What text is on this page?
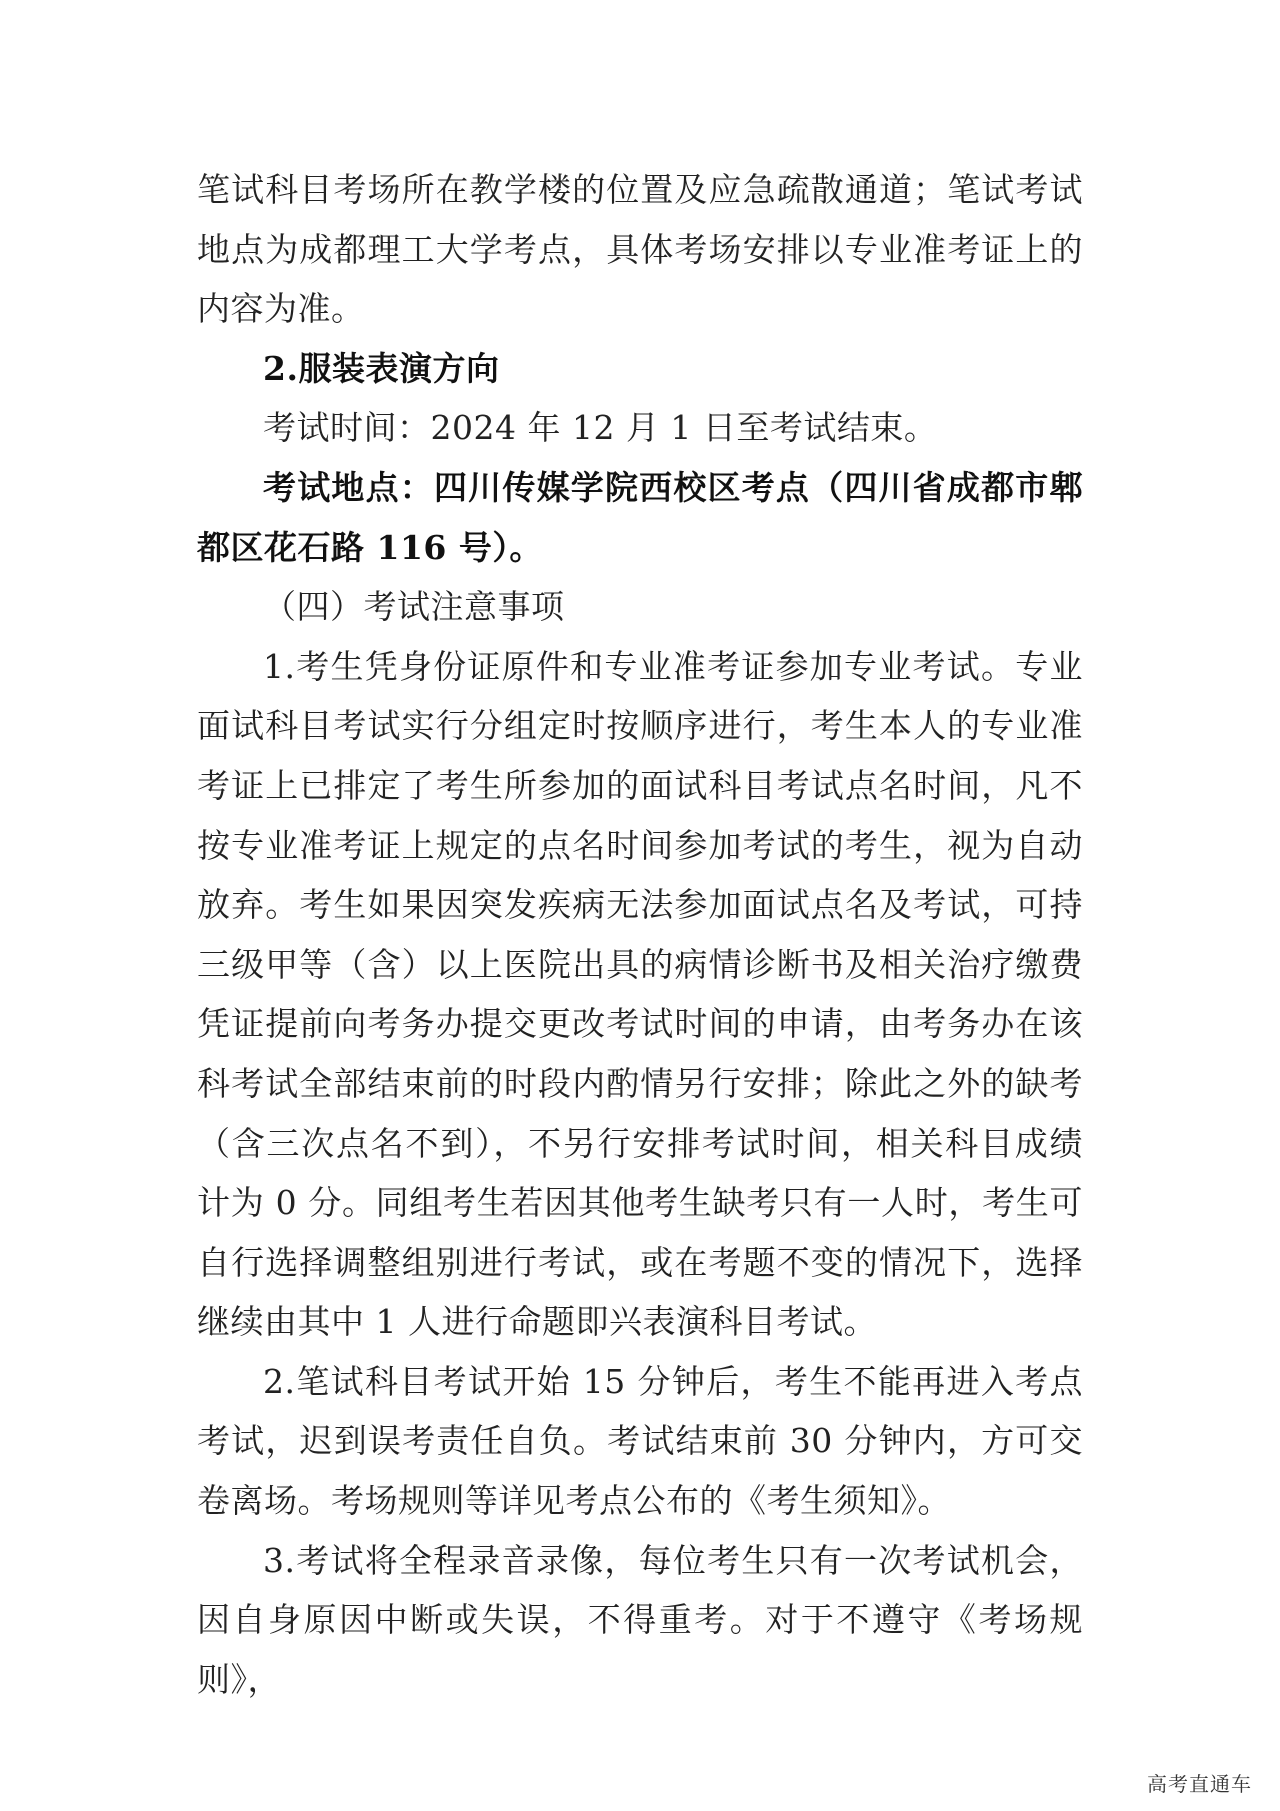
笔试科目考场所在教学楼的位置及应急疏散通道；笔试考试地点为成都理工大学考点，具体考场安排以专业准考证上的内容为准。

2.服装表演方向

考试时间：2024 年 12 月 1 日至考试结束。

考试地点：四川传媒学院西校区考点（四川省成都市郫都区花石路 116 号）。

（四）考试注意事项

1.考生凭身份证原件和专业准考证参加专业考试。专业面试科目考试实行分组定时按顺序进行，考生本人的专业准考证上已排定了考生所参加的面试科目考试点名时间，凡不按专业准考证上规定的点名时间参加考试的考生，视为自动放弃。考生如果因突发疾病无法参加面试点名及考试，可持三级甲等（含）以上医院出具的病情诊断书及相关治疗缴费凭证提前向考务办提交更改考试时间的申请，由考务办在该科考试全部结束前的时段内酌情另行安排；除此之外的缺考（含三次点名不到），不另行安排考试时间，相关科目成绩计为 0 分。同组考生若因其他考生缺考只有一人时，考生可自行选择调整组别进行考试，或在考题不变的情况下，选择继续由其中 1 人进行命题即兴表演科目考试。

2.笔试科目考试开始 15 分钟后，考生不能再进入考点考试，迟到误考责任自负。考试结束前 30 分钟内，方可交卷离场。考场规则等详见考点公布的《考生须知》。

3.考试将全程录音录像，每位考生只有一次考试机会，因自身原因中断或失误，不得重考。对于不遵守《考场规则》，

高考直通车
